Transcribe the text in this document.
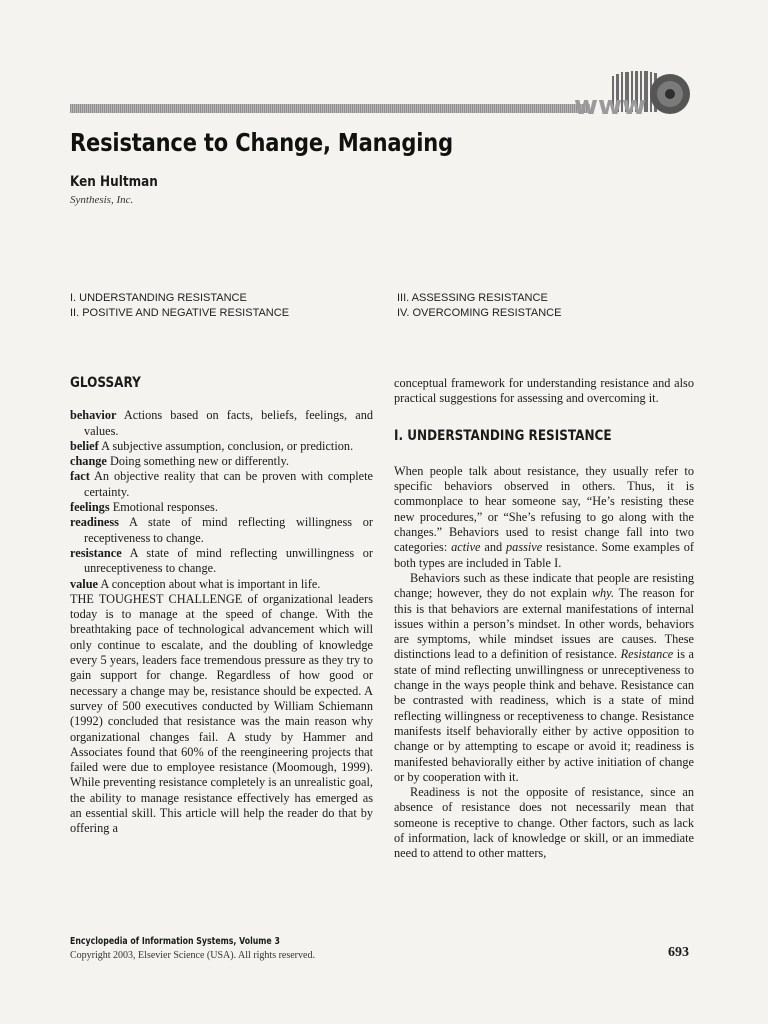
www
Resistance to Change, Managing
Ken Hultman
Synthesis, Inc.
I. UNDERSTANDING RESISTANCE
II. POSITIVE AND NEGATIVE RESISTANCE
III. ASSESSING RESISTANCE
IV. OVERCOMING RESISTANCE
GLOSSARY

behavior Actions based on facts, beliefs, feelings, and values.

belief A subjective assumption, conclusion, or prediction.

change Doing something new or differently.

fact An objective reality that can be proven with complete certainty.

feelings Emotional responses.

readiness A state of mind reflecting willingness or receptiveness to change.

resistance A state of mind reflecting unwillingness or unreceptiveness to change.

value A conception about what is important in life.

THE TOUGHEST CHALLENGE of organizational leaders today is to manage at the speed of change. With the breathtaking pace of technological advancement which will only continue to escalate, and the doubling of knowledge every 5 years, leaders face tremendous pressure as they try to gain support for change. Regardless of how good or necessary a change may be, resistance should be expected. A survey of 500 executives conducted by William Schiemann (1992) concluded that resistance was the main reason why organizational changes fail. A study by Hammer and Associates found that 60% of the reengineering projects that failed were due to employee resistance (Moomough, 1999). While preventing resistance completely is an unrealistic goal, the ability to manage resistance effectively has emerged as an essential skill. This article will help the reader do that by offering a

conceptual framework for understanding resistance and also practical suggestions for assessing and overcoming it.

I. UNDERSTANDING RESISTANCE

When people talk about resistance, they usually refer to specific behaviors observed in others. Thus, it is commonplace to hear someone say, “He’s resisting these new procedures,” or “She’s refusing to go along with the changes.” Behaviors used to resist change fall into two categories: active and passive resistance. Some examples of both types are included in Table I.

Behaviors such as these indicate that people are resisting change; however, they do not explain why. The reason for this is that behaviors are external manifestations of internal issues within a person’s mindset. In other words, behaviors are symptoms, while mindset issues are causes. These distinctions lead to a definition of resistance. Resistance is a state of mind reflecting unwillingness or unreceptiveness to change in the ways people think and behave. Resistance can be contrasted with readiness, which is a state of mind reflecting willingness or receptiveness to change. Resistance manifests itself behaviorally either by active opposition to change or by attempting to escape or avoid it; readiness is manifested behaviorally either by active initiation of change or by cooperation with it.

Readiness is not the opposite of resistance, since an absence of resistance does not necessarily mean that someone is receptive to change. Other factors, such as lack of information, lack of knowledge or skill, or an immediate need to attend to other matters,

Encyclopedia of Information Systems, Volume 3
Copyright 2003, Elsevier Science (USA). All rights reserved.	693
